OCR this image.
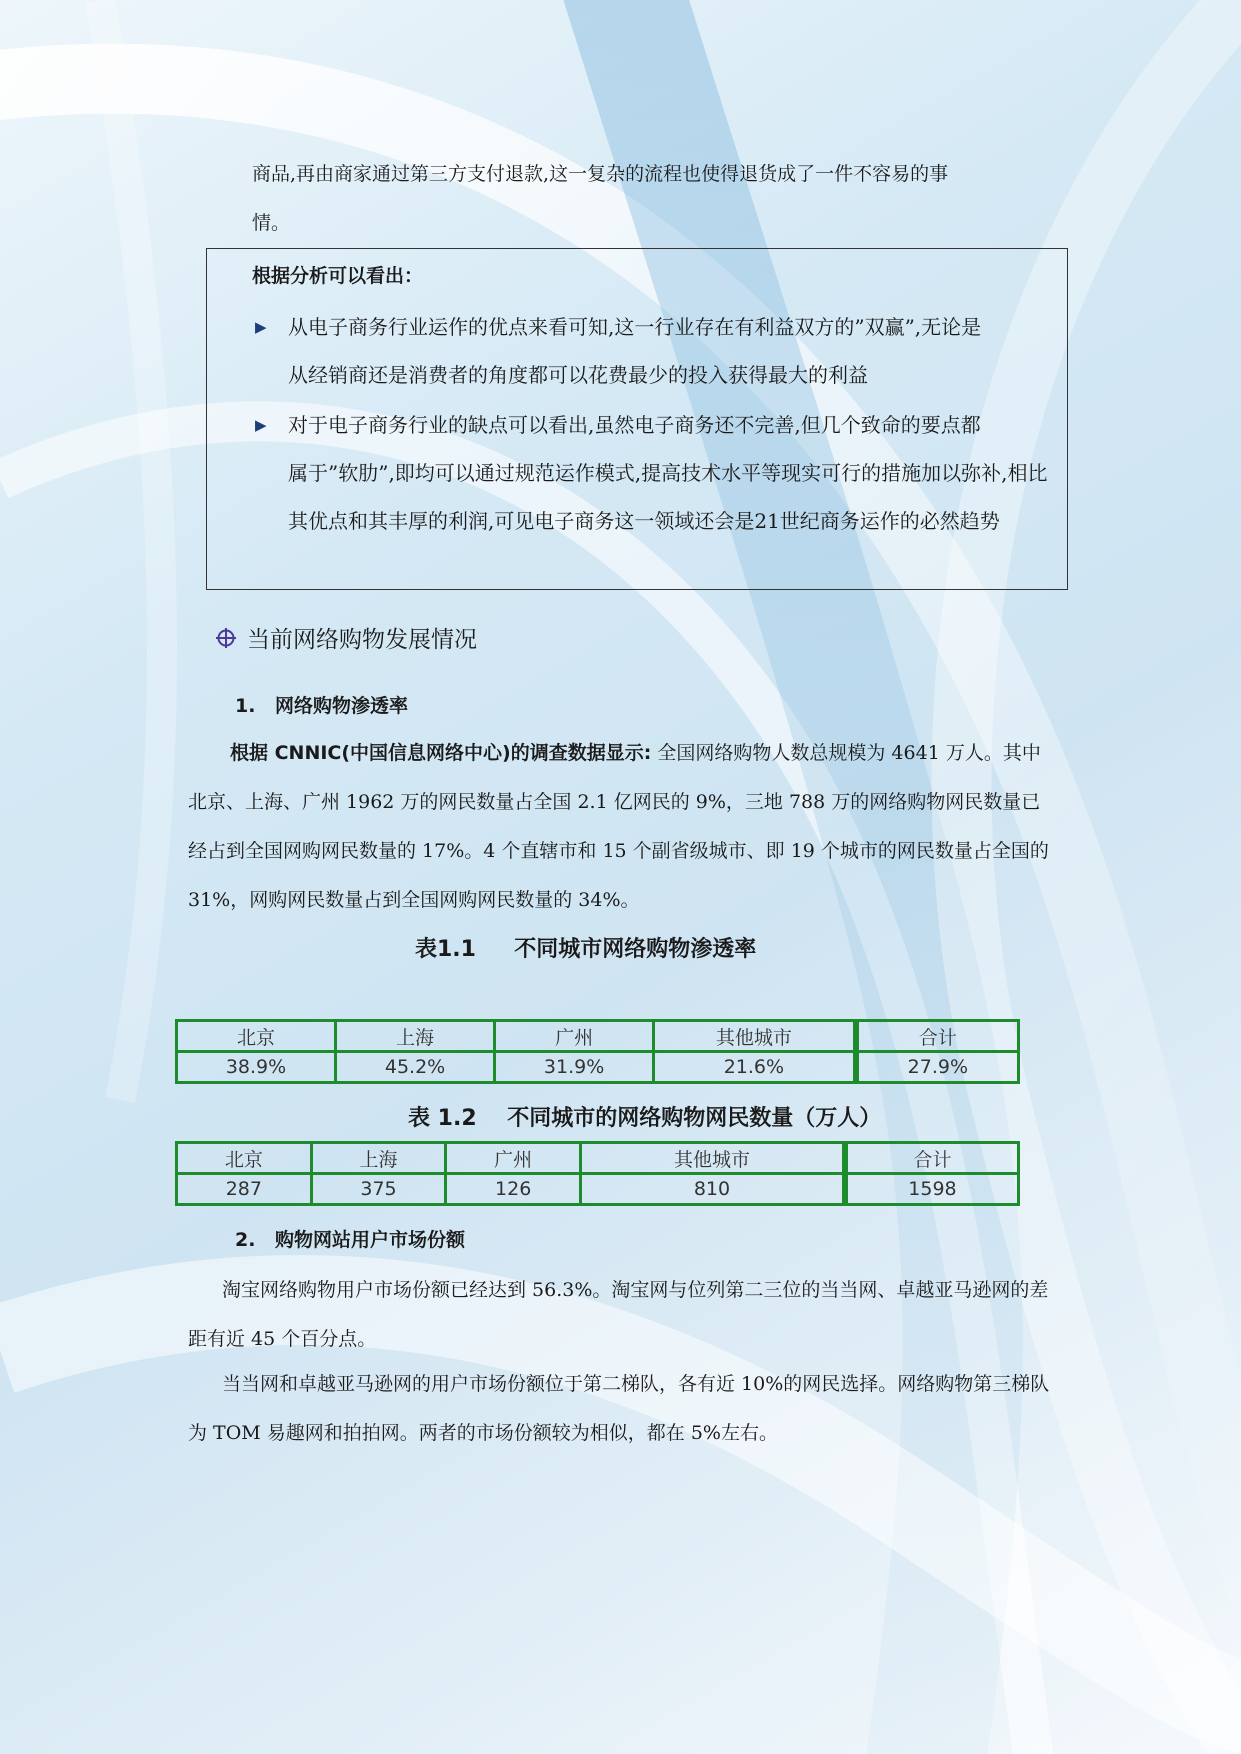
商品,再由商家通过第三方支付退款,这一复杂的流程也使得退货成了一件不容易的事
情。

根据分析可以看出：
▶ 从电子商务行业运作的优点来看可知,这一行业存在有利益双方的”双赢”,无论是
从经销商还是消费者的角度都可以花费最少的投入获得最大的利益
▶ 对于电子商务行业的缺点可以看出,虽然电子商务还不完善,但几个致命的要点都
属于”软肋”,即均可以通过规范运作模式,提高技术水平等现实可行的措施加以弥补,相比其优点和其丰厚的利润,可见电子商务这一领域还会是21世纪商务运作的必然趋势
当前网络购物发展情况
1. 网络购物渗透率

根据 CNNIC(中国信息网络中心)的调查数据显示: 全国网络购物人数总规模为 4641 万人。其中北京、上海、广州 1962 万的网民数量占全国 2.1 亿网民的 9%，三地 788 万的网络购物网民数量已经占到全国网购网民数量的 17%。4 个直辖市和 15 个副省级城市、即 19 个城市的网民数量占全国的 31%，网购网民数量占到全国网购网民数量的 34%。

表1.1     不同城市网络购物渗透率
北京	上海	广州	其他城市	合计
38.9%	45.2%	31.9%	21.6%	27.9%
表 1.2    不同城市的网络购物网民数量（万人）
北京	上海	广州	其他城市	合计
287	375	126	810	1598
2. 购物网站用户市场份额

淘宝网络购物用户市场份额已经达到 56.3%。淘宝网与位列第二三位的当当网、卓越亚马逊网的差距有近 45 个百分点。

当当网和卓越亚马逊网的用户市场份额位于第二梯队，各有近 10%的网民选择。网络购物第三梯队为 TOM 易趣网和拍拍网。两者的市场份额较为相似，都在 5%左右。
